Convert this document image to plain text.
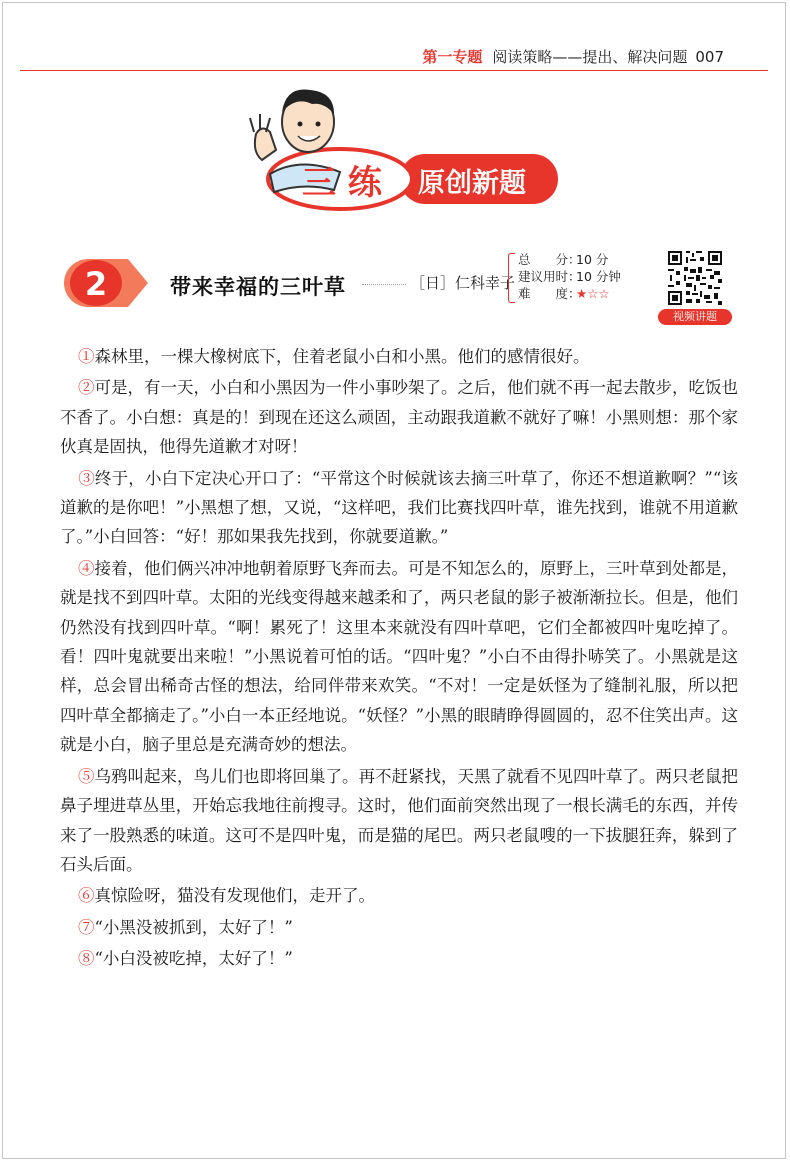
第一专题 阅读策略——提出、解决问题 007
三 练 原创新题
2	带来幸福的三叶草	［日］仁科幸子
总　　分：10 分
建议用时：10 分钟
难　　度：★☆☆
视频讲题

①森林里，一棵大橡树底下，住着老鼠小白和小黑。他们的感情很好。

②可是，有一天，小白和小黑因为一件小事吵架了。之后，他们就不再一起去散步，吃饭也不香了。小白想：真是的！到现在还这么顽固，主动跟我道歉不就好了嘛！小黑则想：那个家伙真是固执，他得先道歉才对呀！

③终于，小白下定决心开口了：“平常这个时候就该去摘三叶草了，你还不想道歉啊？”“该道歉的是你吧！”小黑想了想，又说，“这样吧，我们比赛找四叶草，谁先找到，谁就不用道歉了。”小白回答：“好！那如果我先找到，你就要道歉。”

④接着，他们俩兴冲冲地朝着原野飞奔而去。可是不知怎么的，原野上，三叶草到处都是，就是找不到四叶草。太阳的光线变得越来越柔和了，两只老鼠的影子被渐渐拉长。但是，他们仍然没有找到四叶草。“啊！累死了！这里本来就没有四叶草吧，它们全都被四叶鬼吃掉了。看！四叶鬼就要出来啦！”小黑说着可怕的话。“四叶鬼？”小白不由得扑哧笑了。小黑就是这样，总会冒出稀奇古怪的想法，给同伴带来欢笑。“不对！一定是妖怪为了缝制礼服，所以把四叶草全都摘走了。”小白一本正经地说。“妖怪？”小黑的眼睛睁得圆圆的，忍不住笑出声。这就是小白，脑子里总是充满奇妙的想法。

⑤乌鸦叫起来，鸟儿们也即将回巢了。再不赶紧找，天黑了就看不见四叶草了。两只老鼠把鼻子埋进草丛里，开始忘我地往前搜寻。这时，他们面前突然出现了一根长满毛的东西，并传来了一股熟悉的味道。这可不是四叶鬼，而是猫的尾巴。两只老鼠嗖的一下拔腿狂奔，躲到了石头后面。

⑥真惊险呀，猫没有发现他们，走开了。

⑦“小黑没被抓到，太好了！”

⑧“小白没被吃掉，太好了！”
